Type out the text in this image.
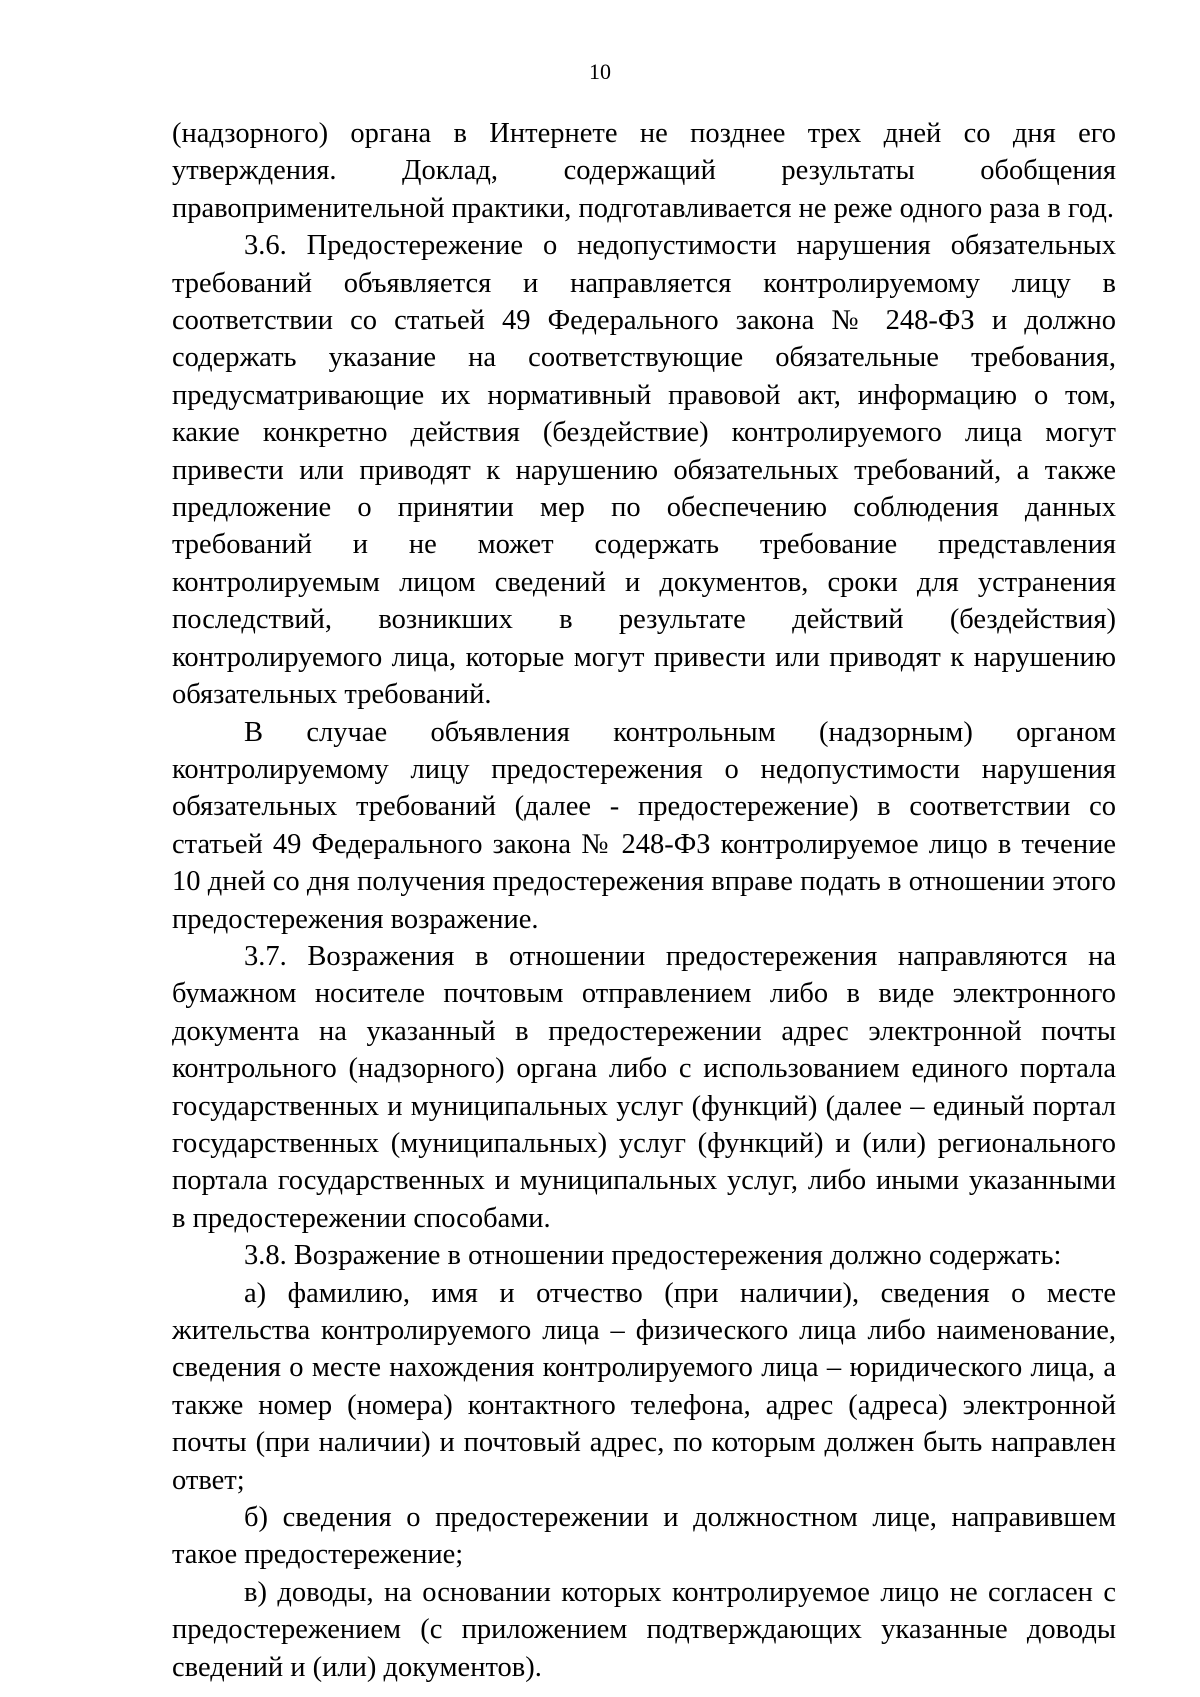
10

(надзорного) органа в Интернете не позднее трех дней со дня его утверждения. Доклад, содержащий результаты обобщения правоприменительной практики, подготавливается не реже одного раза в год.

3.6. Предостережение о недопустимости нарушения обязательных требований объявляется и направляется контролируемому лицу в соответствии со статьей 49 Федерального закона № 248-ФЗ и должно содержать указание на соответствующие обязательные требования, предусматривающие их нормативный правовой акт, информацию о том, какие конкретно действия (бездействие) контролируемого лица могут привести или приводят к нарушению обязательных требований, а также предложение о принятии мер по обеспечению соблюдения данных требований и не может содержать требование представления контролируемым лицом сведений и документов, сроки для устранения последствий, возникших в результате действий (бездействия) контролируемого лица, которые могут привести или приводят к нарушению обязательных требований.

В случае объявления контрольным (надзорным) органом контролируемому лицу предостережения о недопустимости нарушения обязательных требований (далее - предостережение) в соответствии со статьей 49 Федерального закона № 248-ФЗ контролируемое лицо в течение 10 дней со дня получения предостережения вправе подать в отношении этого предостережения возражение.

3.7. Возражения в отношении предостережения направляются на бумажном носителе почтовым отправлением либо в виде электронного документа на указанный в предостережении адрес электронной почты контрольного (надзорного) органа либо с использованием единого портала государственных и муниципальных услуг (функций) (далее – единый портал государственных (муниципальных) услуг (функций) и (или) регионального портала государственных и муниципальных услуг, либо иными указанными в предостережении способами.

3.8. Возражение в отношении предостережения должно содержать:

а) фамилию, имя и отчество (при наличии), сведения о месте жительства контролируемого лица – физического лица либо наименование, сведения о месте нахождения контролируемого лица – юридического лица, а также номер (номера) контактного телефона, адрес (адреса) электронной почты (при наличии) и почтовый адрес, по которым должен быть направлен ответ;

б) сведения о предостережении и должностном лице, направившем такое предостережение;

в) доводы, на основании которых контролируемое лицо не согласен с предостережением (с приложением подтверждающих указанные доводы сведений и (или) документов).
